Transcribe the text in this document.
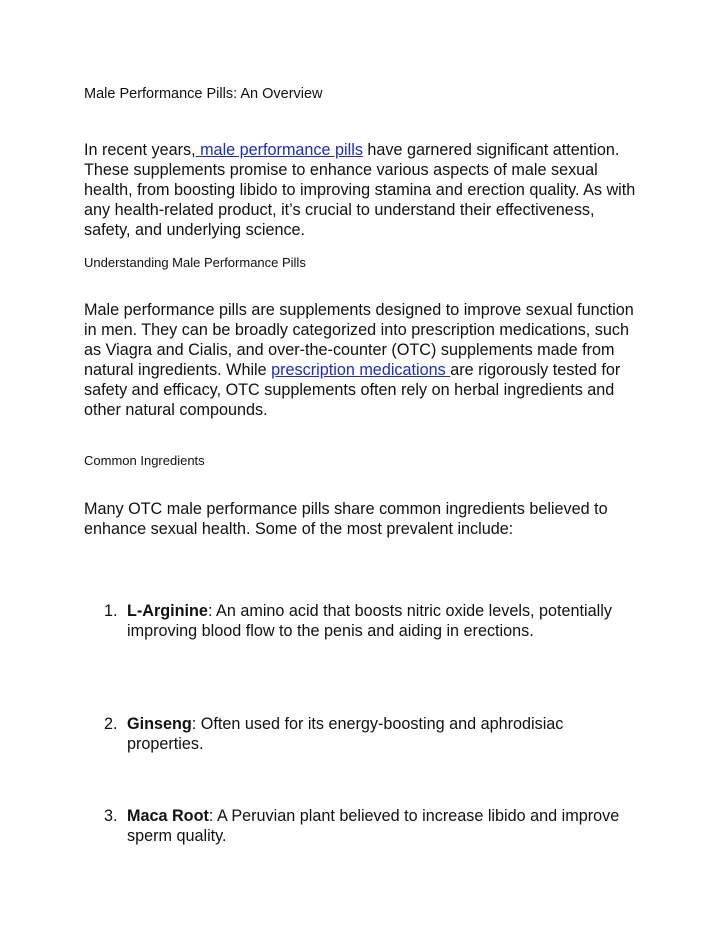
Male Performance Pills: An Overview

In recent years, male performance pills have garnered significant attention. These supplements promise to enhance various aspects of male sexual health, from boosting libido to improving stamina and erection quality. As with any health-related product, it’s crucial to understand their effectiveness, safety, and underlying science.

Understanding Male Performance Pills

Male performance pills are supplements designed to improve sexual function in men. They can be broadly categorized into prescription medications, such as Viagra and Cialis, and over-the-counter (OTC) supplements made from natural ingredients. While prescription medications are rigorously tested for safety and efficacy, OTC supplements often rely on herbal ingredients and other natural compounds.

Common Ingredients

Many OTC male performance pills share common ingredients believed to enhance sexual health. Some of the most prevalent include:

1. L-Arginine: An amino acid that boosts nitric oxide levels, potentially improving blood flow to the penis and aiding in erections.
2. Ginseng: Often used for its energy-boosting and aphrodisiac properties.
3. Maca Root: A Peruvian plant believed to increase libido and improve sperm quality.
